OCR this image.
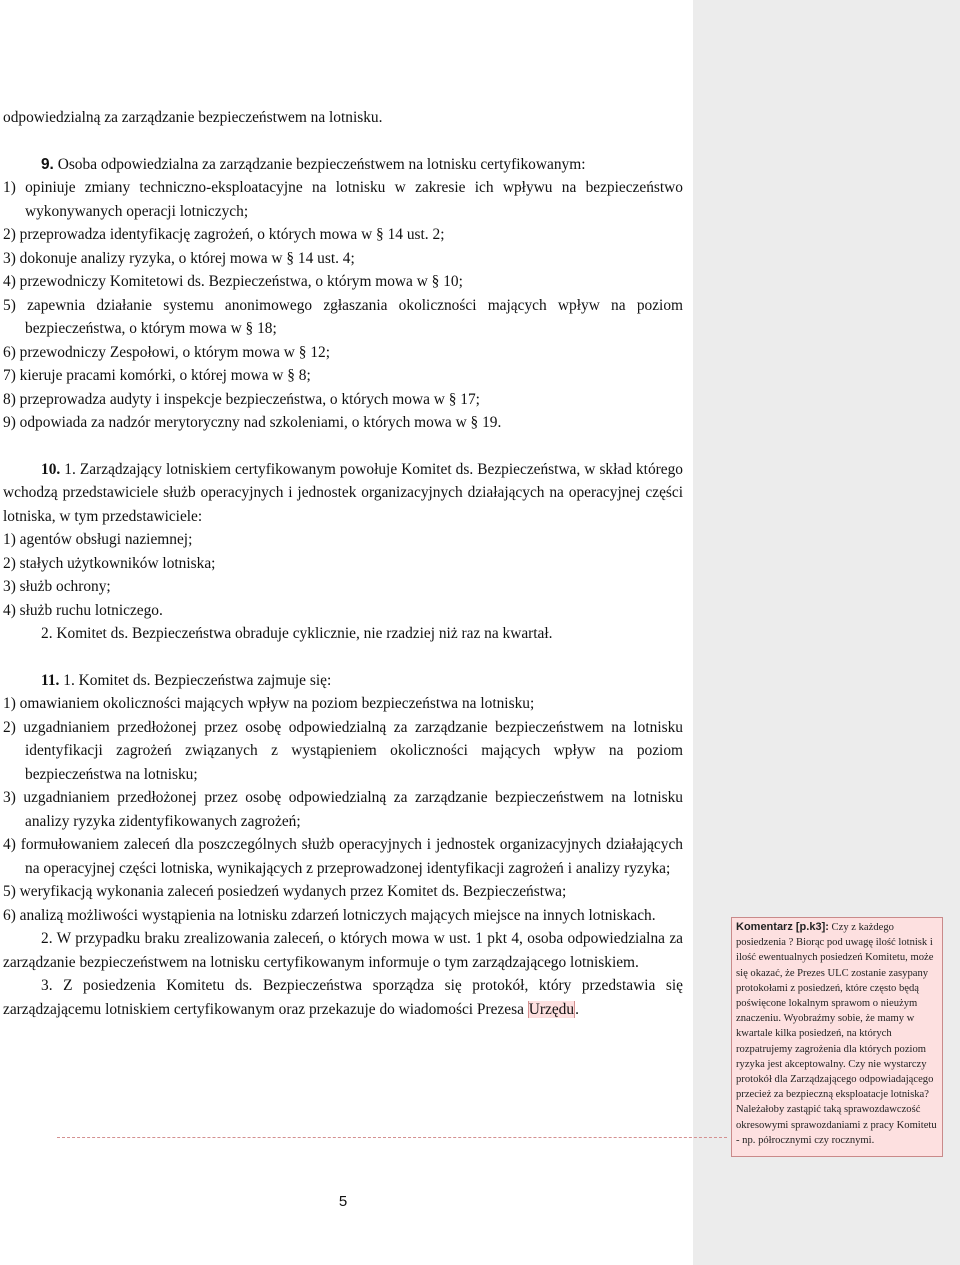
odpowiedzialną za zarządzanie bezpieczeństwem na lotnisku.

9. Osoba odpowiedzialna za zarządzanie bezpieczeństwem na lotnisku certyfikowanym:

1) opiniuje zmiany techniczno-eksploatacyjne na lotnisku w zakresie ich wpływu na bezpieczeństwo wykonywanych operacji lotniczych;

2) przeprowadza identyfikację zagrożeń, o których mowa w § 14 ust. 2;

3) dokonuje analizy ryzyka, o której mowa w § 14 ust. 4;

4) przewodniczy Komitetowi ds. Bezpieczeństwa, o którym mowa w § 10;

5) zapewnia działanie systemu anonimowego zgłaszania okoliczności mających wpływ na poziom bezpieczeństwa, o którym mowa w § 18;

6) przewodniczy Zespołowi, o którym mowa w § 12;

7) kieruje pracami komórki, o której mowa w § 8;

8) przeprowadza audyty i inspekcje bezpieczeństwa, o których mowa w § 17;

9) odpowiada za nadzór merytoryczny nad szkoleniami, o których mowa w § 19.

10. 1. Zarządzający lotniskiem certyfikowanym powołuje Komitet ds. Bezpieczeństwa, w skład którego wchodzą przedstawiciele służb operacyjnych i jednostek organizacyjnych działających na operacyjnej części lotniska, w tym przedstawiciele:

1) agentów obsługi naziemnej;

2) stałych użytkowników lotniska;

3) służb ochrony;

4) służb ruchu lotniczego.

2. Komitet ds. Bezpieczeństwa obraduje cyklicznie, nie rzadziej niż raz na kwartał.

11. 1. Komitet ds. Bezpieczeństwa zajmuje się:

1) omawianiem okoliczności mających wpływ na poziom bezpieczeństwa na lotnisku;

2) uzgadnianiem przedłożonej przez osobę odpowiedzialną za zarządzanie bezpieczeństwem na lotnisku identyfikacji zagrożeń związanych z wystąpieniem okoliczności mających wpływ na poziom bezpieczeństwa na lotnisku;

3) uzgadnianiem przedłożonej przez osobę odpowiedzialną za zarządzanie bezpieczeństwem na lotnisku analizy ryzyka zidentyfikowanych zagrożeń;

4) formułowaniem zaleceń dla poszczególnych służb operacyjnych i jednostek organizacyjnych działających na operacyjnej części lotniska, wynikających z przeprowadzonej identyfikacji zagrożeń i analizy ryzyka;

5) weryfikacją wykonania zaleceń posiedzeń wydanych przez Komitet ds. Bezpieczeństwa;

6) analizą możliwości wystąpienia na lotnisku zdarzeń lotniczych mających miejsce na innych lotniskach.

2. W przypadku braku zrealizowania zaleceń, o których mowa w ust. 1 pkt 4, osoba odpowiedzialna za zarządzanie bezpieczeństwem na lotnisku certyfikowanym informuje o tym zarządzającego lotniskiem.

3. Z posiedzenia Komitetu ds. Bezpieczeństwa sporządza się protokół, który przedstawia się zarządzającemu lotniskiem certyfikowanym oraz przekazuje do wiadomości Prezesa Urzędu.

Komentarz [p.k3]: Czy z każdego posiedzenia ? Biorąc pod uwagę ilość lotnisk i ilość ewentualnych posiedzeń Komitetu, może się okazać, że Prezes ULC zostanie zasypany protokołami z posiedzeń, które często będą poświęcone lokalnym sprawom o nieużym znaczeniu. Wyobraźmy sobie, że mamy w kwartale kilka posiedzeń, na których rozpatrujemy zagrożenia dla których poziom ryzyka jest akceptowalny. Czy nie wystarczy protokół dla Zarządzającego odpowiadającego przecież za bezpieczną eksploatacje lotniska? Należałoby zastąpić taką sprawozdawczość okresowymi sprawozdaniami z pracy Komitetu - np. półrocznymi czy rocznymi.
5
